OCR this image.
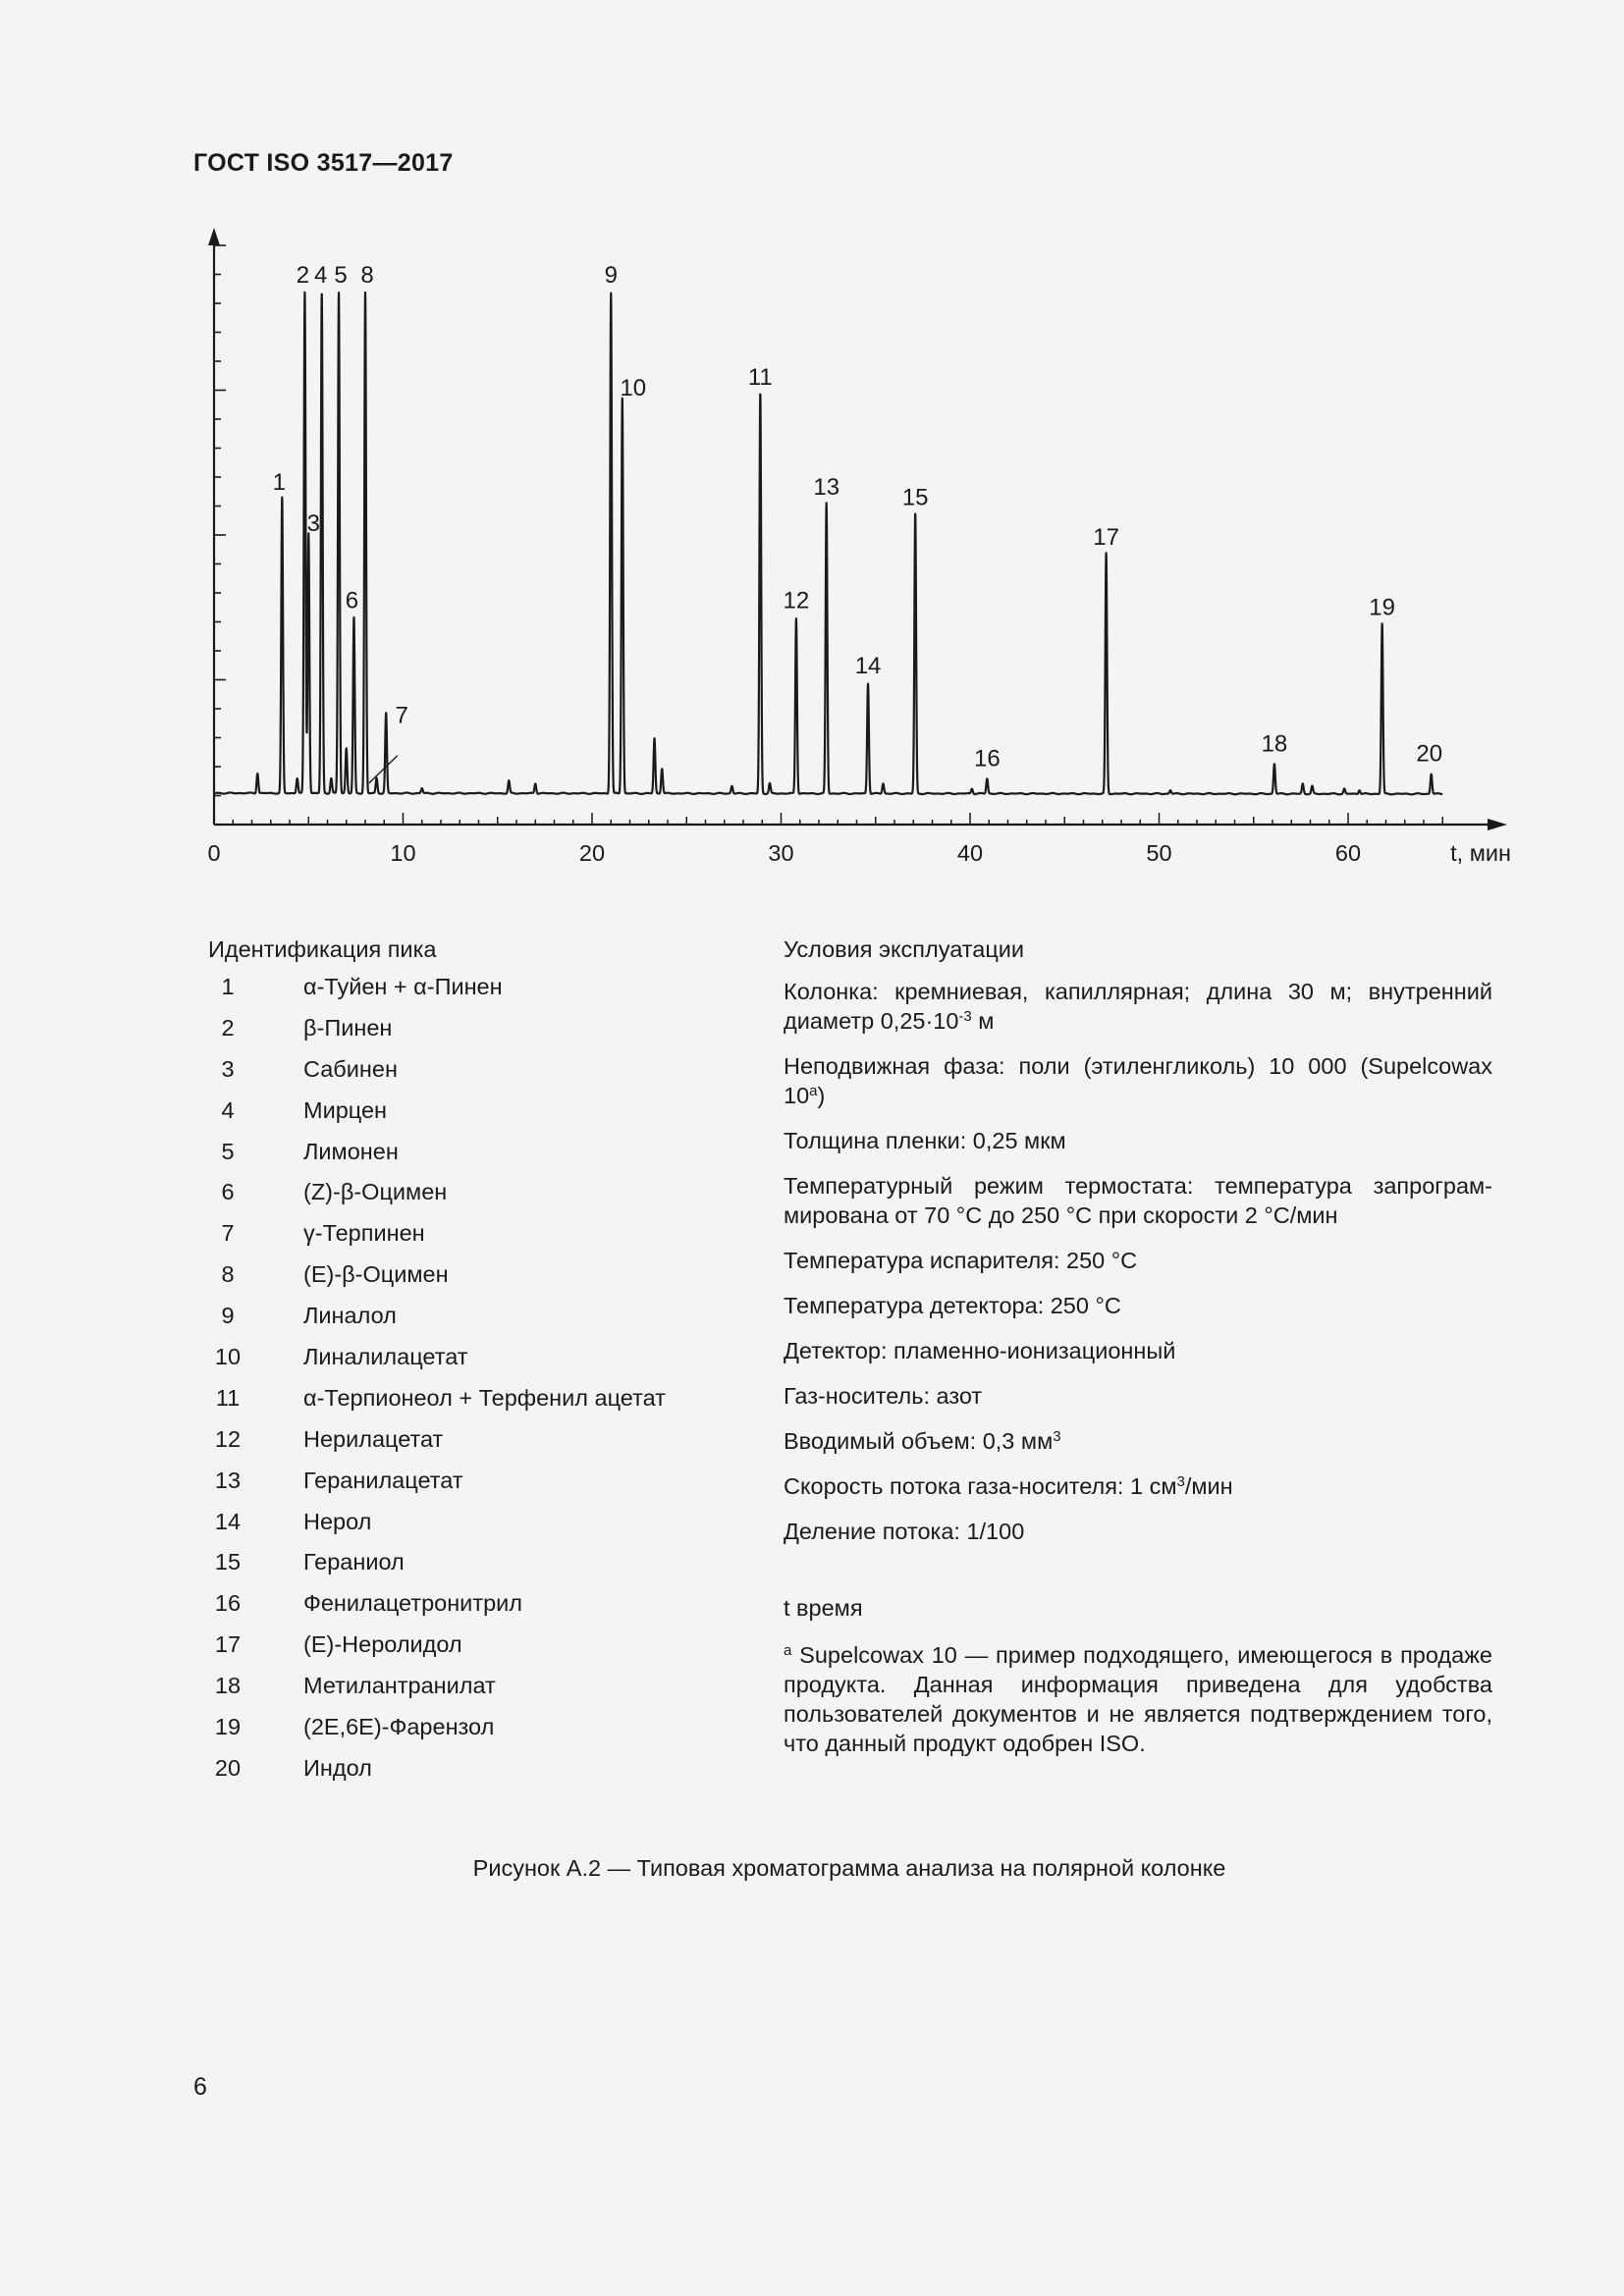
ГОСТ ISO 3517—2017
0	10	20	30	40	50	60	t, мин
1
2
3
4 5
6
7
8	9
10	11
12
13
14
15
16
17
18
19
20
Идентификация пика
1	α-Туйен + α-Пинен
2	β-Пинен
3	Сабинен
4	Мирцен
5	Лимонен
6	(Z)-β-Оцимен
7	γ-Терпинен
8	(E)-β-Оцимен
9	Линалол
10	Линалилацетат
11	α-Терпионеол + Терфенил ацетат
12	Нерилацетат
13	Геранилацетат
14	Нерол
15	Гераниол
16	Фенилацетронитрил
17	(E)-Неролидол
18	Метилантранилат
19	(2E,6E)-Фарензол
20	Индол
Условия эксплуатации
Колонка: кремниевая, капиллярная; длина 30 м; внутренний диаметр $0,25\cdot 10^{-3}$ м
Неподвижная фаза: поли (этиленгликоль) 10 000 (Supelcowax 10$^a$)
Толщина пленки: 0,25 мкм
Температурный режим термостата: температура запрограммирована от 70 °С до 250 °С при скорости 2 °С/мин
Температура испарителя: 250 °С
Температура детектора: 250 °С
Детектор: пламенно-ионизационный
Газ-носитель: азот
Вводимый объем: 0,3 $мм^3$
Скорость потока газа-носителя: 1 $см^3$/мин
Деление потока: 1/100
t время
$^а$ Supelcowax 10 — пример подходящего, имеющегося в продаже продукта. Данная информация приведена для удобства пользователей документов и не является подтверждением того, что данный продукт одобрен ISO.
Рисунок А.2 — Типовая хроматограмма анализа на полярной колонке
6
